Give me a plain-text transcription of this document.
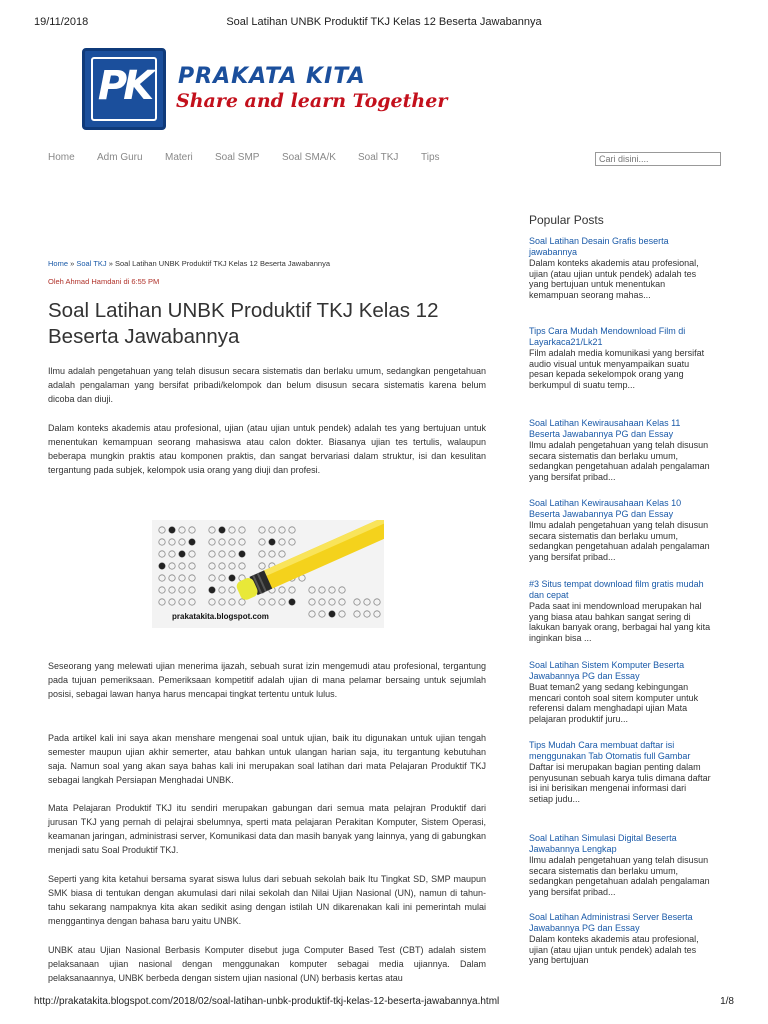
19/11/2018	Soal Latihan UNBK Produktif TKJ Kelas 12 Beserta Jawabannya
PK	PRAKATA KITA
Share and learn Together
Home Adm Guru Materi Soal SMP Soal SMA/K Soal TKJ Tips
Cari disini....
Home » Soal TKJ » Soal Latihan UNBK Produktif TKJ Kelas 12 Beserta Jawabannya
Oleh Ahmad Hamdani di 6:55 PM
Soal Latihan UNBK Produktif TKJ Kelas 12 Beserta Jawabannya

Ilmu adalah pengetahuan yang telah disusun secara sistematis dan berlaku umum, sedangkan pengetahuan adalah pengalaman yang bersifat pribadi/kelompok dan belum disusun secara sistematis karena belum dicoba dan diuji.

Dalam konteks akademis atau profesional, ujian (atau ujian untuk pendek) adalah tes yang bertujuan untuk menentukan kemampuan seorang mahasiswa atau calon dokter. Biasanya ujian tes tertulis, walaupun beberapa mungkin praktis atau komponen praktis, dan sangat bervariasi dalam struktur, isi dan kesulitan tergantung pada subjek, kelompok usia orang yang diuji dan profesi.

prakatakita.blogspot.com

Seseorang yang melewati ujian menerima ijazah, sebuah surat izin mengemudi atau profesional, tergantung pada tujuan pemeriksaan. Pemeriksaan kompetitif adalah ujian di mana pelamar bersaing untuk sejumlah posisi, sebagai lawan hanya harus mencapai tingkat tertentu untuk lulus.

Pada artikel kali ini saya akan menshare mengenai soal untuk ujian, baik itu digunakan untuk ujian tengah semester maupun ujian akhir semerter, atau bahkan untuk ulangan harian saja, itu tergantung kebutuhan saja. Namun soal yang akan saya bahas kali ini merupakan soal latihan dari mata Pelajaran Produktif TKJ sebagai langkah Persiapan Menghadai UNBK.

Mata Pelajaran Produktif TKJ itu sendiri merupakan gabungan dari semua mata pelajran Produktif dari jurusan TKJ yang pernah di pelajrai sbelumnya, sperti mata pelajaran Perakitan Komputer, Sistem Operasi, keamanan jaringan, administrasi server, Komunikasi data dan masih banyak yang lainnya, yang di gabungkan menjadi satu Soal Produktif TKJ.

Seperti yang kita ketahui bersama syarat siswa lulus dari sebuah sekolah baik Itu Tingkat SD, SMP maupun SMK biasa di tentukan dengan akumulasi dari nilai sekolah dan Nilai Ujian Nasional (UN), namun di tahun-tahu sekarang nampaknya kita akan sedikit asing dengan istilah UN dikarenakan kali ini pemerintah mulai menggantinya dengan bahasa baru yaitu UNBK.

UNBK atau Ujian Nasional Berbasis Komputer disebut juga Computer Based Test (CBT) adalah sistem pelaksanaan ujian nasional dengan menggunakan komputer sebagai media ujiannya. Dalam pelaksanaannya, UNBK berbeda dengan sistem ujian nasional (UN) berbasis kertas atau

Popular Posts
Soal Latihan Desain Grafis beserta jawabannya
Dalam konteks akademis atau profesional, ujian (atau ujian untuk pendek) adalah tes yang bertujuan untuk menentukan kemampuan seorang mahas...
Tips Cara Mudah Mendownload Film di Layarkaca21/Lk21
Film adalah media komunikasi yang bersifat audio visual untuk menyampaikan suatu pesan kepada sekelompok orang yang berkumpul di suatu temp...
Soal Latihan Kewirausahaan Kelas 11 Beserta Jawabannya PG dan Essay
Ilmu adalah pengetahuan yang telah disusun secara sistematis dan berlaku umum, sedangkan pengetahuan adalah pengalaman yang bersifat pribad...
Soal Latihan Kewirausahaan Kelas 10 Beserta Jawabannya PG dan Essay
Ilmu adalah pengetahuan yang telah disusun secara sistematis dan berlaku umum, sedangkan pengetahuan adalah pengalaman yang bersifat pribad...
#3 Situs tempat download film gratis mudah dan cepat
Pada saat ini mendownload merupakan hal yang biasa atau bahkan sangat sering di lakukan banyak orang, berbagai hal yang kita inginkan bisa ...
Soal Latihan Sistem Komputer Beserta Jawabannya PG dan Essay
Buat teman2 yang sedang kebingungan mencari contoh soal sitem komputer untuk referensi dalam menghadapi ujian Mata pelajaran produktif juru...
Tips Mudah Cara membuat daftar isi menggunakan Tab Otomatis full Gambar
Daftar isi merupakan bagian penting dalam penyusunan sebuah karya tulis dimana daftar isi ini berisikan mengenai informasi dari setiap judu...
Soal Latihan Simulasi Digital Beserta Jawabannya Lengkap
Ilmu adalah pengetahuan yang telah disusun secara sistematis dan berlaku umum, sedangkan pengetahuan adalah pengalaman yang bersifat pribad...
Soal Latihan Administrasi Server Beserta Jawabannya PG dan Essay
Dalam konteks akademis atau profesional, ujian (atau ujian untuk pendek) adalah tes yang bertujuan
http://prakatakita.blogspot.com/2018/02/soal-latihan-unbk-produktif-tkj-kelas-12-beserta-jawabannya.html	1/8
